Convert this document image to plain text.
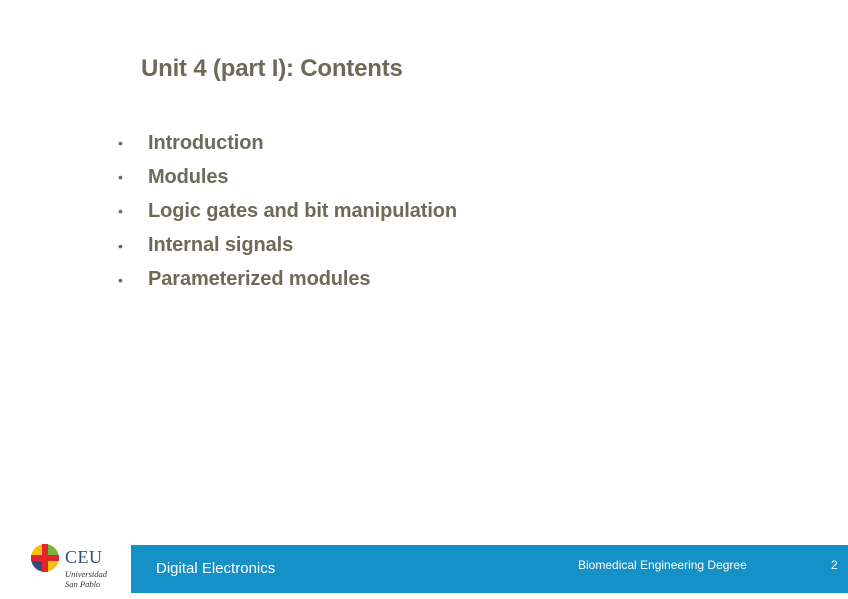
Unit 4 (part I): Contents
•	Introduction
•	Modules
•	Logic gates and bit manipulation
•	Internal signals
•	Parameterized modules
CEU
Universidad
San Pablo
Digital Electronics	Biomedical Engineering Degree	2
